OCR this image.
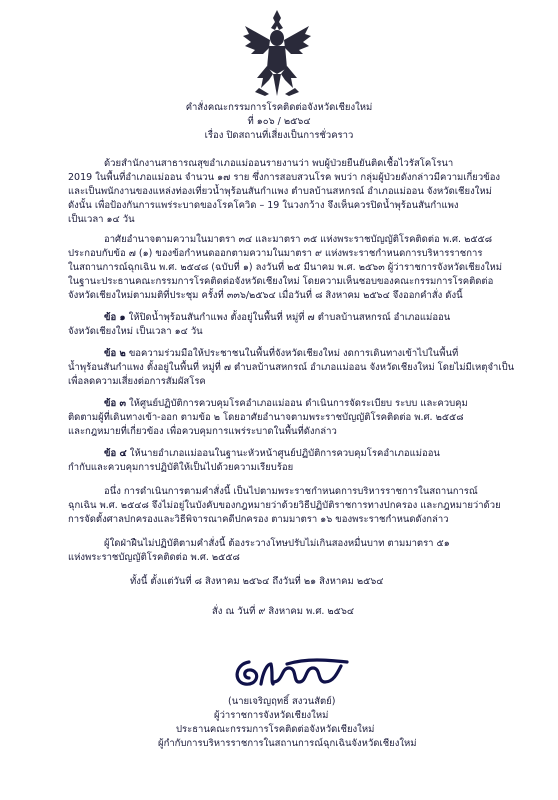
คำสั่งคณะกรรมการโรคติดต่อจังหวัดเชียงใหม่
ที่ ๑๐๖ / ๒๕๖๔
เรื่อง ปิดสถานที่เสี่ยงเป็นการชั่วคราว
ด้วยสำนักงานสาธารณสุขอำเภอแม่ออนรายงานว่า พบผู้ป่วยยืนยันติดเชื้อไวรัสโคโรนา
2019 ในพื้นที่อำเภอแม่ออน จำนวน ๑๗ ราย ซึ่งการสอบสวนโรค พบว่า กลุ่มผู้ป่วยดังกล่าวมีความเกี่ยวข้อง
และเป็นพนักงานของแหล่งท่องเที่ยวน้ำพุร้อนสันกำแพง ตำบลบ้านสหกรณ์ อำเภอแม่ออน จังหวัดเชียงใหม่
ดังนั้น เพื่อป้องกันการแพร่ระบาดของโรคโควิด – 19 ในวงกว้าง จึงเห็นควรปิดน้ำพุร้อนสันกำแพง
เป็นเวลา ๑๔ วัน
อาศัยอำนาจตามความในมาตรา ๓๔ และมาตรา ๓๕ แห่งพระราชบัญญัติโรคติดต่อ พ.ศ. ๒๕๕๘
ประกอบกับข้อ ๗ (๑) ของข้อกำหนดออกตามความในมาตรา ๙ แห่งพระราชกำหนดการบริหารราชการ
ในสถานการณ์ฉุกเฉิน พ.ศ. ๒๕๔๘ (ฉบับที่ ๑) ลงวันที่ ๒๕ มีนาคม พ.ศ. ๒๕๖๓ ผู้ว่าราชการจังหวัดเชียงใหม่
ในฐานะประธานคณะกรรมการโรคติดต่อจังหวัดเชียงใหม่ โดยความเห็นชอบของคณะกรรมการโรคติดต่อ
จังหวัดเชียงใหม่ตามมติที่ประชุม ครั้งที่ ๓๓๖/๒๕๖๔ เมื่อวันที่ ๘ สิงหาคม ๒๕๖๔ จึงออกคำสั่ง ดังนี้
ข้อ ๑ ให้ปิดน้ำพุร้อนสันกำแพง ตั้งอยู่ในพื้นที่ หมู่ที่ ๗ ตำบลบ้านสหกรณ์ อำเภอแม่ออน
จังหวัดเชียงใหม่ เป็นเวลา ๑๔ วัน
ข้อ ๒ ขอความร่วมมือให้ประชาชนในพื้นที่จังหวัดเชียงใหม่ งดการเดินทางเข้าไปในพื้นที่
น้ำพุร้อนสันกำแพง ตั้งอยู่ในพื้นที่ หมู่ที่ ๗ ตำบลบ้านสหกรณ์ อำเภอแม่ออน จังหวัดเชียงใหม่ โดยไม่มีเหตุจำเป็น
เพื่อลดความเสี่ยงต่อการสัมผัสโรค
ข้อ ๓ ให้ศูนย์ปฏิบัติการควบคุมโรคอำเภอแม่ออน ดำเนินการจัดระเบียบ ระบบ และควบคุม
ติดตามผู้ที่เดินทางเข้า-ออก ตามข้อ ๒ โดยอาศัยอำนาจตามพระราชบัญญัติโรคติดต่อ พ.ศ. ๒๕๕๘
และกฎหมายที่เกี่ยวข้อง เพื่อควบคุมการแพร่ระบาดในพื้นที่ดังกล่าว
ข้อ ๔ ให้นายอำเภอแม่ออนในฐานะหัวหน้าศูนย์ปฏิบัติการควบคุมโรคอำเภอแม่ออน
กำกับและควบคุมการปฏิบัติให้เป็นไปด้วยความเรียบร้อย
อนึ่ง การดำเนินการตามคำสั่งนี้ เป็นไปตามพระราชกำหนดการบริหารราชการในสถานการณ์
ฉุกเฉิน พ.ศ. ๒๕๔๘ จึงไม่อยู่ในบังคับของกฎหมายว่าด้วยวิธีปฏิบัติราชการทางปกครอง และกฎหมายว่าด้วย
การจัดตั้งศาลปกครองและวิธีพิจารณาคดีปกครอง ตามมาตรา ๑๖ ของพระราชกำหนดดังกล่าว
ผู้ใดฝ่าฝืนไม่ปฏิบัติตามคำสั่งนี้ ต้องระวางโทษปรับไม่เกินสองหมื่นบาท ตามมาตรา ๕๑
แห่งพระราชบัญญัติโรคติดต่อ พ.ศ. ๒๕๕๘
ทั้งนี้ ตั้งแต่วันที่ ๘ สิงหาคม ๒๕๖๔ ถึงวันที่ ๒๑ สิงหาคม ๒๕๖๔
สั่ง ณ วันที่ ๙ สิงหาคม พ.ศ. ๒๕๖๔
(นายเจริญฤทธิ์ สงวนสัตย์)
ผู้ว่าราชการจังหวัดเชียงใหม่
ประธานคณะกรรมการโรคติดต่อจังหวัดเชียงใหม่
ผู้กำกับการบริหารราชการในสถานการณ์ฉุกเฉินจังหวัดเชียงใหม่
